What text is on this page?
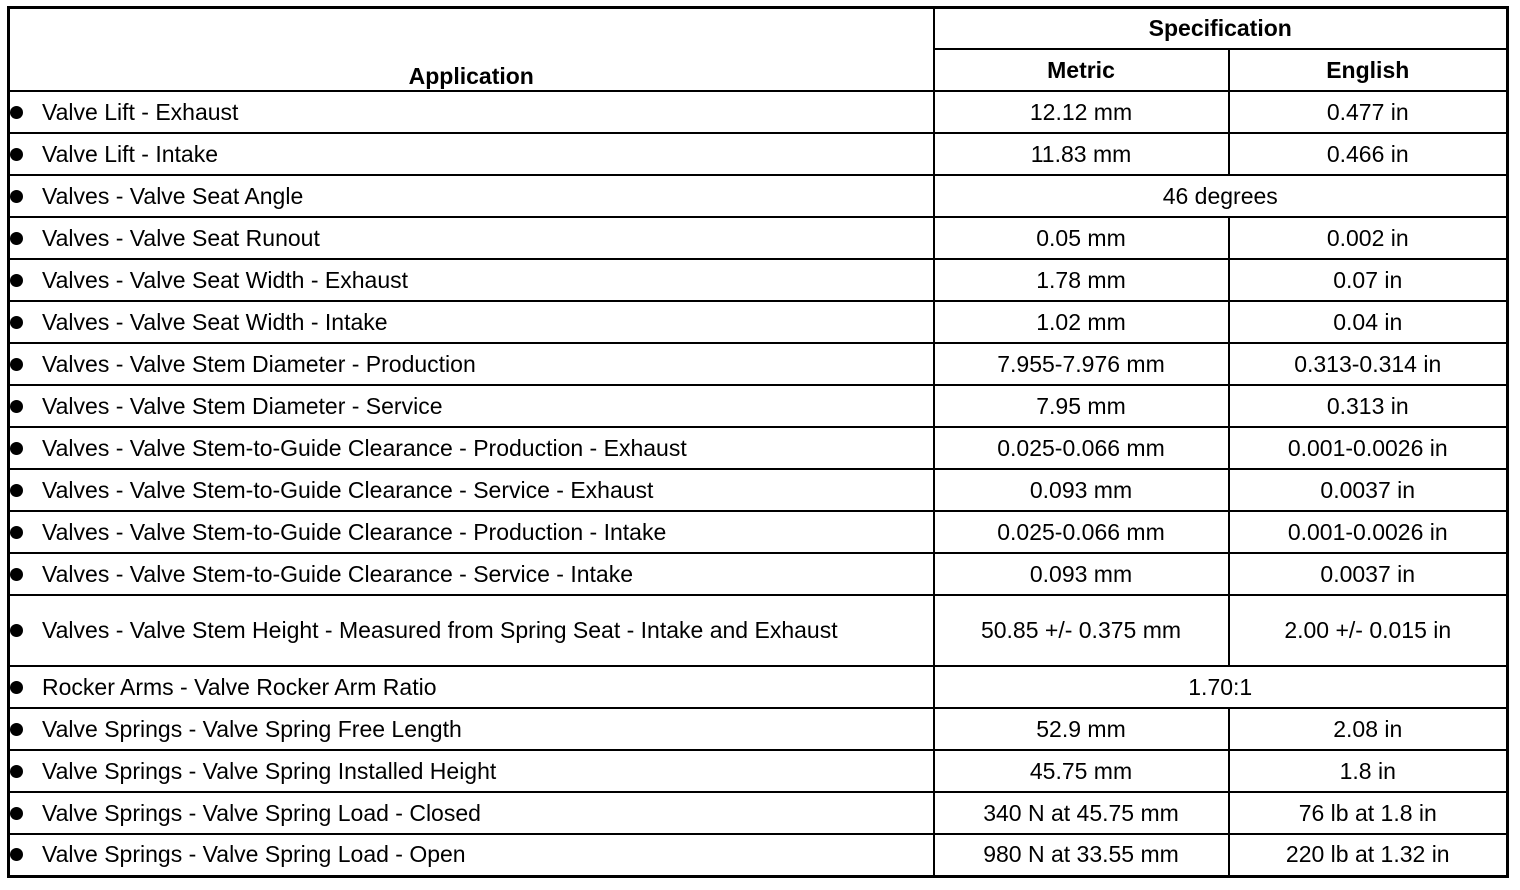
Application	Specification	
	Metric	English

Valve Lift - Exhaust	12.12 mm	0.477 in

Valve Lift - Intake	11.83 mm	0.466 in

Valves - Valve Seat Angle	46 degrees	

Valves - Valve Seat Runout	0.05 mm	0.002 in

Valves - Valve Seat Width - Exhaust	1.78 mm	0.07 in

Valves - Valve Seat Width - Intake	1.02 mm	0.04 in

Valves - Valve Stem Diameter - Production	7.955-7.976 mm	0.313-0.314 in

Valves - Valve Stem Diameter - Service	7.95 mm	0.313 in

Valves - Valve Stem-to-Guide Clearance - Production - Exhaust	0.025-0.066 mm	0.001-0.0026 in

Valves - Valve Stem-to-Guide Clearance - Service - Exhaust	0.093 mm	0.0037 in

Valves - Valve Stem-to-Guide Clearance - Production - Intake	0.025-0.066 mm	0.001-0.0026 in

Valves - Valve Stem-to-Guide Clearance - Service - Intake	0.093 mm	0.0037 in

Valves - Valve Stem Height - Measured from Spring Seat - Intake and Exhaust	50.85 +/- 0.375 mm	2.00 +/- 0.015 in

Rocker Arms - Valve Rocker Arm Ratio	1.70:1	

Valve Springs - Valve Spring Free Length	52.9 mm	2.08 in

Valve Springs - Valve Spring Installed Height	45.75 mm	1.8 in

Valve Springs - Valve Spring Load - Closed	340 N at 45.75 mm	76 lb at 1.8 in

Valve Springs - Valve Spring Load - Open	980 N at 33.55 mm	220 lb at 1.32 in
